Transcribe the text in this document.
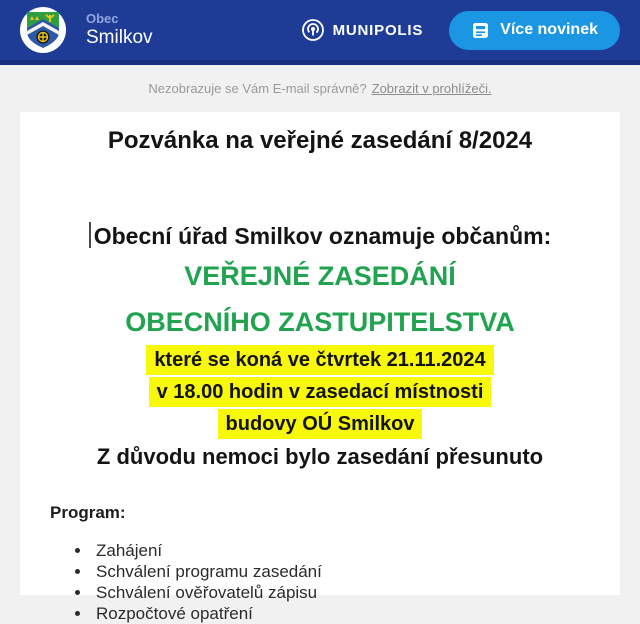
Obec
Smilkov	MUNIPOLIS	Více novinek
Nezobrazuje se Vám E-mail správně? Zobrazit v prohlížeči.
Pozvánka na veřejné zasedání 8/2024
Obecní úřad Smilkov oznamuje občanům:
VEŘEJNÉ ZASEDÁNÍ
OBECNÍHO ZASTUPITELSTVA
které se koná ve čtvrtek 21.11.2024
v 18.00 hodin v zasedací místnosti
budovy OÚ Smilkov
Z důvodu nemoci bylo zasedání přesunuto
Program:
• Zahájení
• Schválení programu zasedání
• Schválení ověřovatelů zápisu
• Rozpočtové opatření
